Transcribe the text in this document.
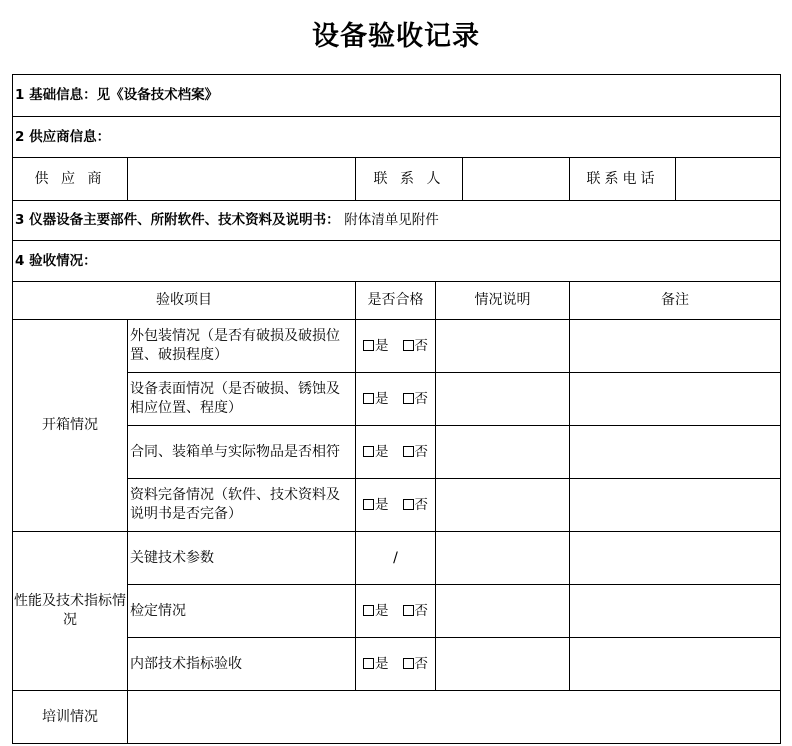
设备验收记录
1 基础信息：见《设备技术档案》						
2 供应商信息：						
供 应 商		联 系 人			联系电话	
3 仪器设备主要部件、所附软件、技术资料及说明书： 附体清单见附件						
4 验收情况：						
验收项目		是否合格	情况说明		备注	
开箱情况	外包装情况（是否有破损及破损位置、破损程度）	是 否				
	设备表面情况（是否破损、锈蚀及相应位置、程度）	是 否				
	合同、装箱单与实际物品是否相符	是 否				
	资料完备情况（软件、技术资料及说明书是否完备）	是 否				
性能及技术指标情　况	关键技术参数	/				
	检定情况	是 否				
	内部技术指标验收	是 否				
培训情况						
